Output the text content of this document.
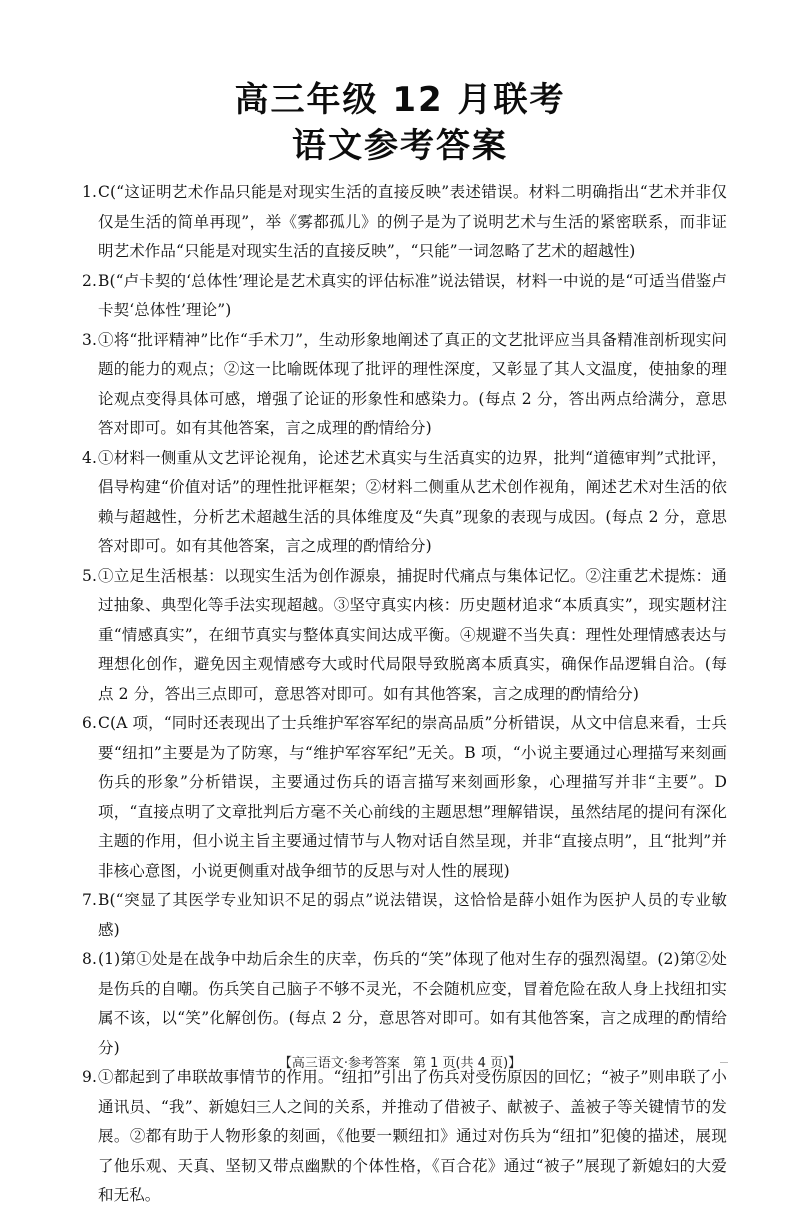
高三年级 12 月联考
语文参考答案

1. C(“这证明艺术作品只能是对现实生活的直接反映”表述错误。材料二明确指出“艺术并非仅仅是生活的简单再现”，举《雾都孤儿》的例子是为了说明艺术与生活的紧密联系，而非证明艺术作品“只能是对现实生活的直接反映”，“只能”一词忽略了艺术的超越性)

2. B(“卢卡契的‘总体性’理论是艺术真实的评估标准”说法错误，材料一中说的是“可适当借鉴卢卡契‘总体性’理论”)

3. ①将“批评精神”比作“手术刀”，生动形象地阐述了真正的文艺批评应当具备精准剖析现实问题的能力的观点；②这一比喻既体现了批评的理性深度，又彰显了其人文温度，使抽象的理论观点变得具体可感，增强了论证的形象性和感染力。(每点 2 分，答出两点给满分，意思答对即可。如有其他答案，言之成理的酌情给分)

4. ①材料一侧重从文艺评论视角，论述艺术真实与生活真实的边界，批判“道德审判”式批评，倡导构建“价值对话”的理性批评框架；②材料二侧重从艺术创作视角，阐述艺术对生活的依赖与超越性，分析艺术超越生活的具体维度及“失真”现象的表现与成因。(每点 2 分，意思答对即可。如有其他答案，言之成理的酌情给分)

5. ①立足生活根基：以现实生活为创作源泉，捕捉时代痛点与集体记忆。②注重艺术提炼：通过抽象、典型化等手法实现超越。③坚守真实内核：历史题材追求“本质真实”，现实题材注重“情感真实”，在细节真实与整体真实间达成平衡。④规避不当失真：理性处理情感表达与理想化创作，避免因主观情感夸大或时代局限导致脱离本质真实，确保作品逻辑自洽。(每点 2 分，答出三点即可，意思答对即可。如有其他答案，言之成理的酌情给分)

6. C(A 项，“同时还表现出了士兵维护军容军纪的崇高品质”分析错误，从文中信息来看，士兵要“纽扣”主要是为了防寒，与“维护军容军纪”无关。B 项，“小说主要通过心理描写来刻画伤兵的形象”分析错误，主要通过伤兵的语言描写来刻画形象，心理描写并非“主要”。D 项，“直接点明了文章批判后方毫不关心前线的主题思想”理解错误，虽然结尾的提问有深化主题的作用，但小说主旨主要通过情节与人物对话自然呈现，并非“直接点明”，且“批判”并非核心意图，小说更侧重对战争细节的反思与对人性的展现)

7. B(“突显了其医学专业知识不足的弱点”说法错误，这恰恰是薛小姐作为医护人员的专业敏感)

8. (1)第①处是在战争中劫后余生的庆幸，伤兵的“笑”体现了他对生存的强烈渴望。(2)第②处是伤兵的自嘲。伤兵笑自己脑子不够不灵光，不会随机应变，冒着危险在敌人身上找纽扣实属不该，以“笑”化解创伤。(每点 2 分，意思答对即可。如有其他答案，言之成理的酌情给分)

9. ①都起到了串联故事情节的作用。“纽扣”引出了伤兵对受伤原因的回忆；“被子”则串联了小通讯员、“我”、新媳妇三人之间的关系，并推动了借被子、献被子、盖被子等关键情节的发展。②都有助于人物形象的刻画，《他要一颗纽扣》通过对伤兵为“纽扣”犯傻的描述，展现了他乐观、天真、坚韧又带点幽默的个体性格，《百合花》通过“被子”展现了新媳妇的大爱和无私。

【高三语文·参考答案　第 1 页(共 4 页)】
